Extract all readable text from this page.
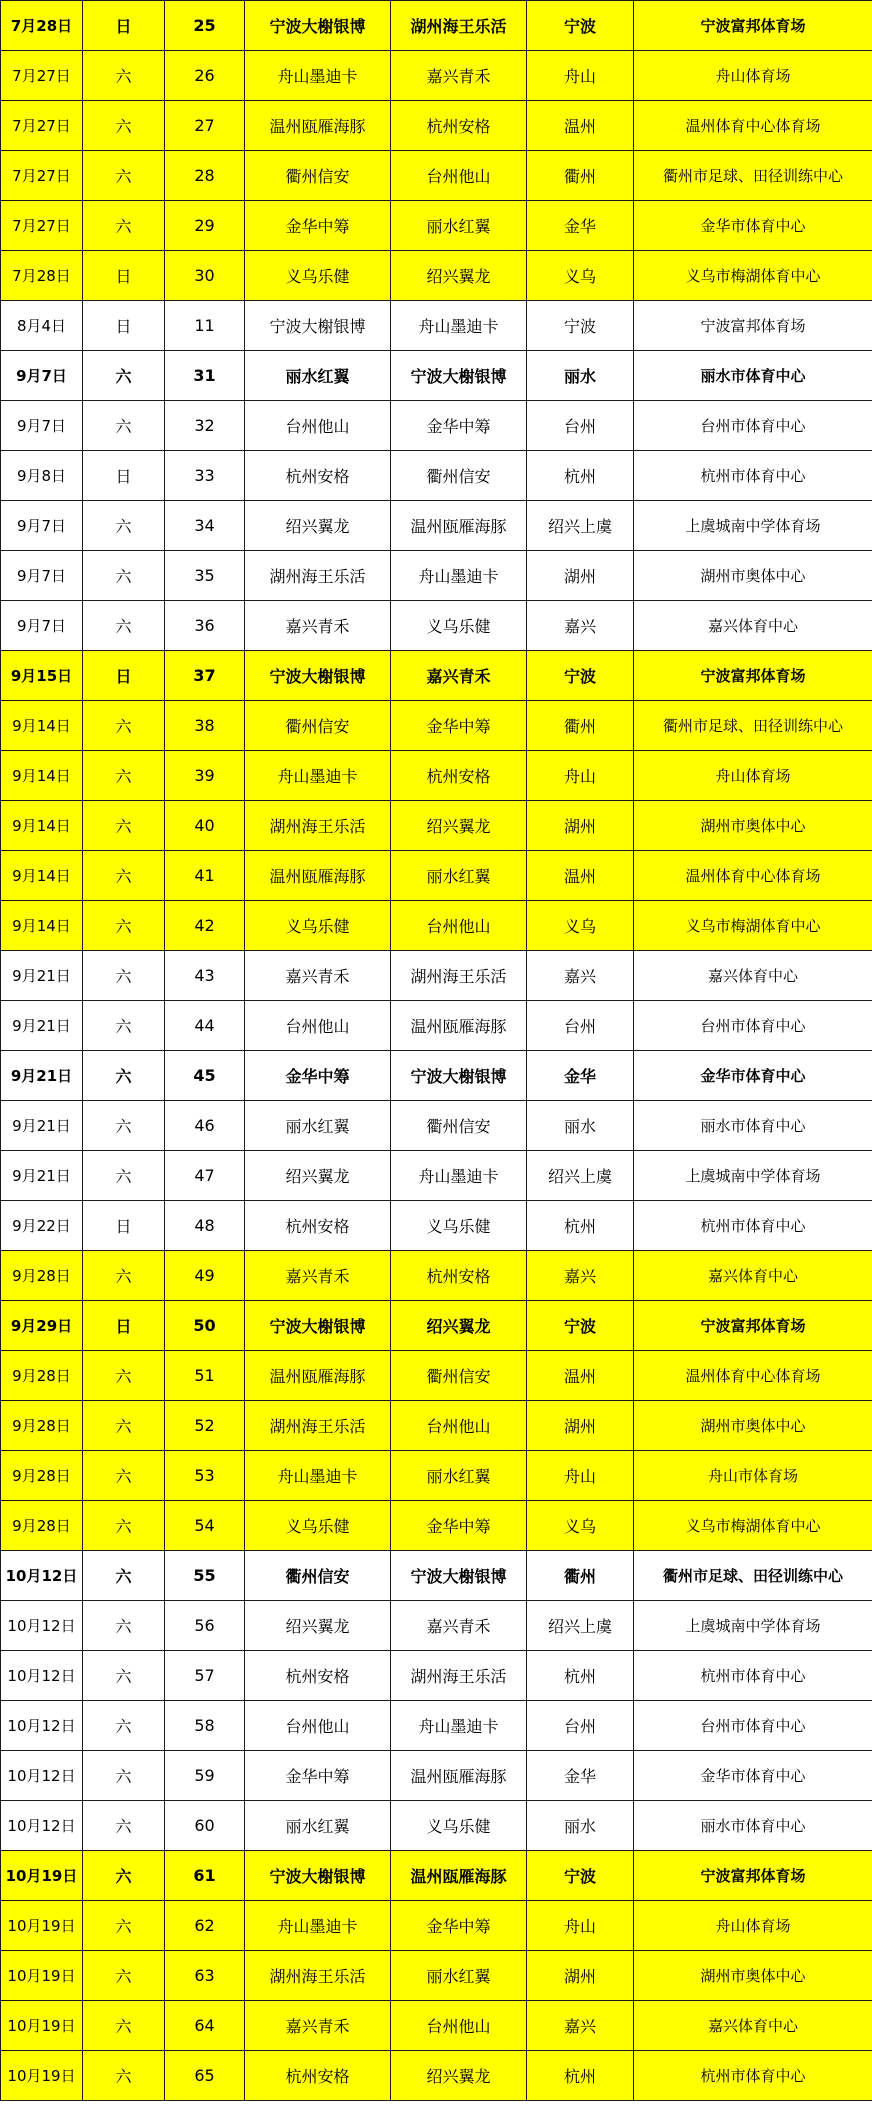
7月28日	日	25	宁波大榭银博	湖州海王乐活	宁波	宁波富邦体育场
7月27日	六	26	舟山墨迪卡	嘉兴青禾	舟山	舟山体育场
7月27日	六	27	温州瓯雁海豚	杭州安格	温州	温州体育中心体育场
7月27日	六	28	衢州信安	台州他山	衢州	衢州市足球、田径训练中心
7月27日	六	29	金华中筹	丽水红翼	金华	金华市体育中心
7月28日	日	30	义乌乐健	绍兴翼龙	义乌	义乌市梅湖体育中心
8月4日	日	11	宁波大榭银博	舟山墨迪卡	宁波	宁波富邦体育场
9月7日	六	31	丽水红翼	宁波大榭银博	丽水	丽水市体育中心
9月7日	六	32	台州他山	金华中筹	台州	台州市体育中心
9月8日	日	33	杭州安格	衢州信安	杭州	杭州市体育中心
9月7日	六	34	绍兴翼龙	温州瓯雁海豚	绍兴上虞	上虞城南中学体育场
9月7日	六	35	湖州海王乐活	舟山墨迪卡	湖州	湖州市奥体中心
9月7日	六	36	嘉兴青禾	义乌乐健	嘉兴	嘉兴体育中心
9月15日	日	37	宁波大榭银博	嘉兴青禾	宁波	宁波富邦体育场
9月14日	六	38	衢州信安	金华中筹	衢州	衢州市足球、田径训练中心
9月14日	六	39	舟山墨迪卡	杭州安格	舟山	舟山体育场
9月14日	六	40	湖州海王乐活	绍兴翼龙	湖州	湖州市奥体中心
9月14日	六	41	温州瓯雁海豚	丽水红翼	温州	温州体育中心体育场
9月14日	六	42	义乌乐健	台州他山	义乌	义乌市梅湖体育中心
9月21日	六	43	嘉兴青禾	湖州海王乐活	嘉兴	嘉兴体育中心
9月21日	六	44	台州他山	温州瓯雁海豚	台州	台州市体育中心
9月21日	六	45	金华中筹	宁波大榭银博	金华	金华市体育中心
9月21日	六	46	丽水红翼	衢州信安	丽水	丽水市体育中心
9月21日	六	47	绍兴翼龙	舟山墨迪卡	绍兴上虞	上虞城南中学体育场
9月22日	日	48	杭州安格	义乌乐健	杭州	杭州市体育中心
9月28日	六	49	嘉兴青禾	杭州安格	嘉兴	嘉兴体育中心
9月29日	日	50	宁波大榭银博	绍兴翼龙	宁波	宁波富邦体育场
9月28日	六	51	温州瓯雁海豚	衢州信安	温州	温州体育中心体育场
9月28日	六	52	湖州海王乐活	台州他山	湖州	湖州市奥体中心
9月28日	六	53	舟山墨迪卡	丽水红翼	舟山	舟山市体育场
9月28日	六	54	义乌乐健	金华中筹	义乌	义乌市梅湖体育中心
10月12日	六	55	衢州信安	宁波大榭银博	衢州	衢州市足球、田径训练中心
10月12日	六	56	绍兴翼龙	嘉兴青禾	绍兴上虞	上虞城南中学体育场
10月12日	六	57	杭州安格	湖州海王乐活	杭州	杭州市体育中心
10月12日	六	58	台州他山	舟山墨迪卡	台州	台州市体育中心
10月12日	六	59	金华中筹	温州瓯雁海豚	金华	金华市体育中心
10月12日	六	60	丽水红翼	义乌乐健	丽水	丽水市体育中心
10月19日	六	61	宁波大榭银博	温州瓯雁海豚	宁波	宁波富邦体育场
10月19日	六	62	舟山墨迪卡	金华中筹	舟山	舟山体育场
10月19日	六	63	湖州海王乐活	丽水红翼	湖州	湖州市奥体中心
10月19日	六	64	嘉兴青禾	台州他山	嘉兴	嘉兴体育中心
10月19日	六	65	杭州安格	绍兴翼龙	杭州	杭州市体育中心
